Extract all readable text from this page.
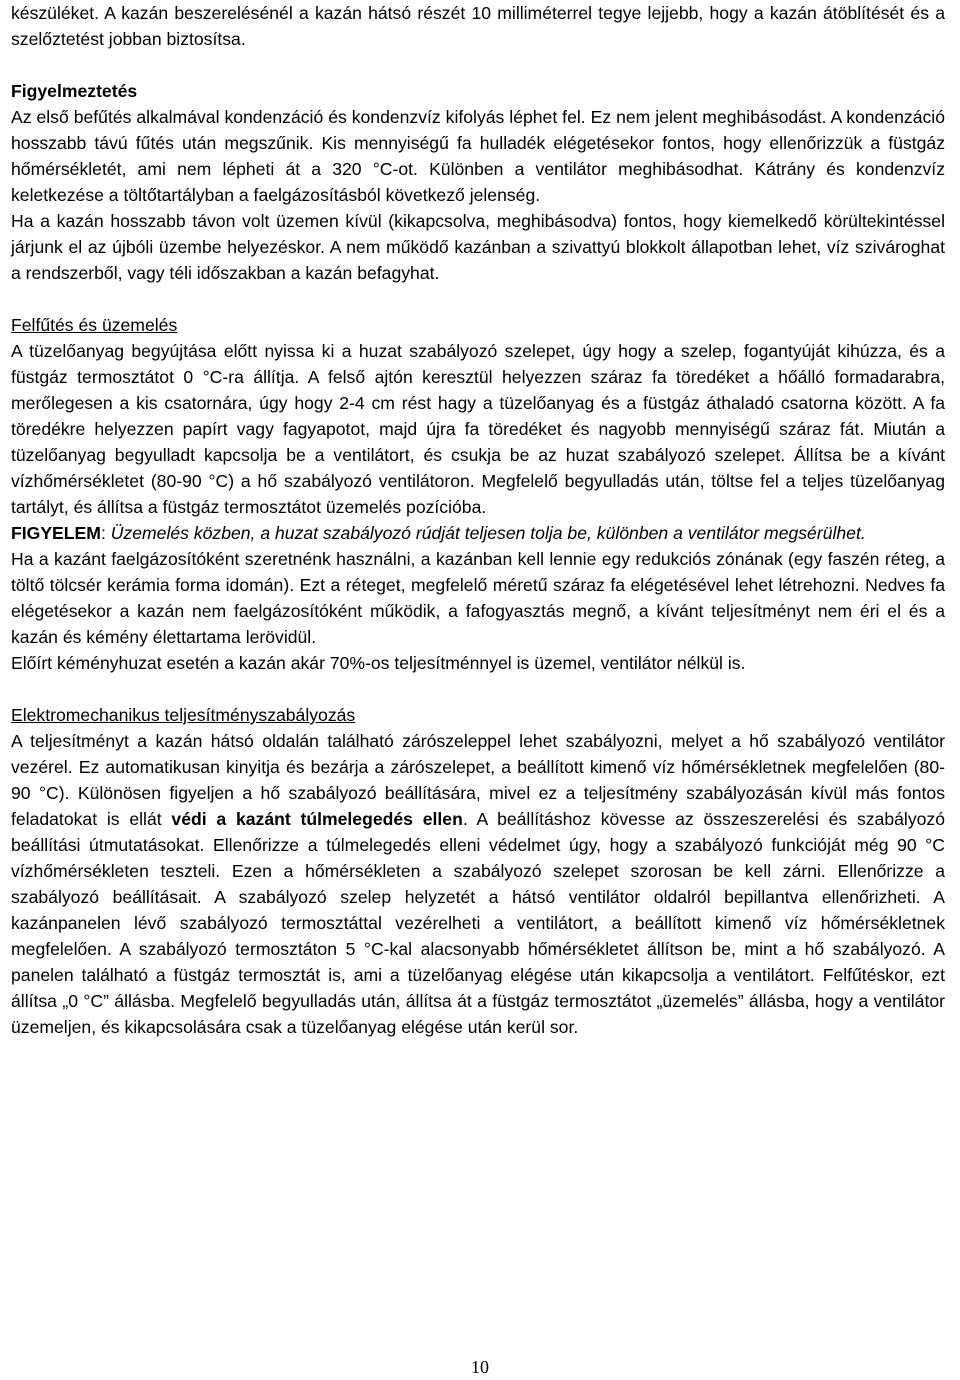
készüléket. A kazán beszerelésénél a kazán hátsó részét 10 milliméterrel tegye lejjebb, hogy a kazán átöblítését és a szelőztetést jobban biztosítsa.

Figyelmeztetés

Az első befűtés alkalmával kondenzáció és kondenzvíz kifolyás léphet fel. Ez nem jelent meghibásodást. A kondenzáció hosszabb távú fűtés után megszűnik. Kis mennyiségű fa hulladék elégetésekor fontos, hogy ellenőrizzük a füstgáz hőmérsékletét, ami nem lépheti át a 320 °C-ot. Különben a ventilátor meghibásodhat. Kátrány és kondenzvíz keletkezése a töltőtartályban a faelgázosításból következő jelenség.

Ha a kazán hosszabb távon volt üzemen kívül (kikapcsolva, meghibásodva) fontos, hogy kiemelkedő körültekintéssel járjunk el az újbóli üzembe helyezéskor. A nem működő kazánban a szivattyú blokkolt állapotban lehet, víz szivároghat a rendszerből, vagy téli időszakban a kazán befagyhat.

Felfűtés és üzemelés

A tüzelőanyag begyújtása előtt nyissa ki a huzat szabályozó szelepet, úgy hogy a szelep, fogantyúját kihúzza, és a füstgáz termosztátot 0 °C-ra állítja. A felső ajtón keresztül helyezzen száraz fa töredéket a hőálló formadarabra, merőlegesen a kis csatornára, úgy hogy 2-4 cm rést hagy a tüzelőanyag és a füstgáz áthaladó csatorna között. A fa töredékre helyezzen papírt vagy fagyapotot, majd újra fa töredéket és nagyobb mennyiségű száraz fát. Miután a tüzelőanyag begyulladt kapcsolja be a ventilátort, és csukja be az huzat szabályozó szelepet. Állítsa be a kívánt vízhőmérsékletet (80-90 °C) a hő szabályozó ventilátoron. Megfelelő begyulladás után, töltse fel a teljes tüzelőanyag tartályt, és állítsa a füstgáz termosztátot üzemelés pozícióba.

FIGYELEM: Üzemelés közben, a huzat szabályozó rúdját teljesen tolja be, különben a ventilátor megsérülhet.

Ha a kazánt faelgázosítóként szeretnénk használni, a kazánban kell lennie egy redukciós zónának (egy faszén réteg, a töltő tölcsér kerámia forma idomán). Ezt a réteget, megfelelő méretű száraz fa elégetésével lehet létrehozni. Nedves fa elégetésekor a kazán nem faelgázosítóként működik, a fafogyasztás megnő, a kívánt teljesítményt nem éri el és a kazán és kémény élettartama lerövidül.

Előírt kéményhuzat esetén a kazán akár 70%-os teljesítménnyel is üzemel, ventilátor nélkül is.

Elektromechanikus teljesítményszabályozás

A teljesítményt a kazán hátsó oldalán található zárószeleppel lehet szabályozni, melyet a hő szabályozó ventilátor vezérel. Ez automatikusan kinyitja és bezárja a zárószelepet, a beállított kimenő víz hőmérsékletnek megfelelően (80-90 °C). Különösen figyeljen a hő szabályozó beállítására, mivel ez a teljesítmény szabályozásán kívül más fontos feladatokat is ellát védi a kazánt túlmelegedés ellen. A beállításhoz kövesse az összeszerelési és szabályozó beállítási útmutatásokat. Ellenőrizze a túlmelegedés elleni védelmet úgy, hogy a szabályozó funkcióját még 90 °C vízhőmérsékleten teszteli. Ezen a hőmérsékleten a szabályozó szelepet szorosan be kell zárni. Ellenőrizze a szabályozó beállításait. A szabályozó szelep helyzetét a hátsó ventilátor oldalról bepillantva ellenőrizheti. A kazánpanelen lévő szabályozó termosztáttal vezérelheti a ventilátort, a beállított kimenő víz hőmérsékletnek megfelelően. A szabályozó termosztáton 5 °C-kal alacsonyabb hőmérsékletet állítson be, mint a hő szabályozó. A panelen található a füstgáz termosztát is, ami a tüzelőanyag elégése után kikapcsolja a ventilátort. Felfűtéskor, ezt állítsa „0 °C” állásba. Megfelelő begyulladás után, állítsa át a füstgáz termosztátot „üzemelés” állásba, hogy a ventilátor üzemeljen, és kikapcsolására csak a tüzelőanyag elégése után kerül sor.

10
